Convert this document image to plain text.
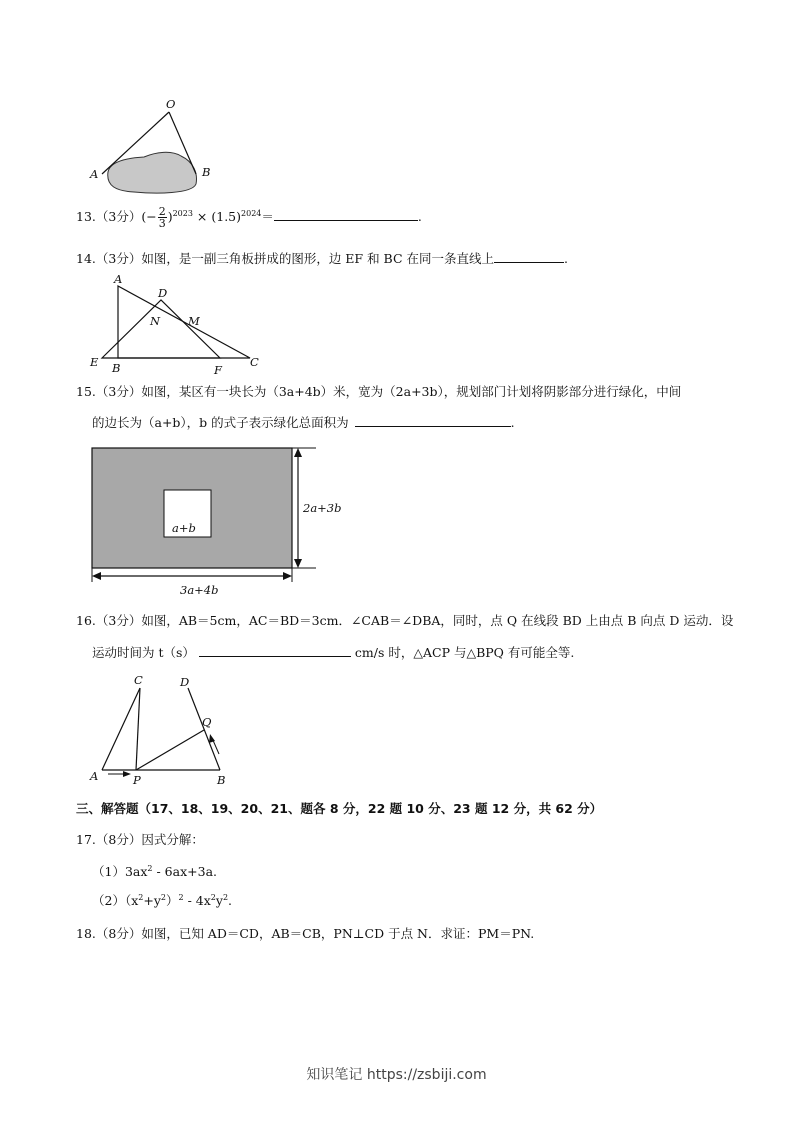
O
A	B
13.（3分）(− $\frac{2}{3} )^{2023} \times (1.5)^{2024}=$	.
14.（3分）如图，是一副三角板拼成的图形，边 EF 和 BC 在同一条直线上	.
A
D
N M
E B	F
C
15.（3分）如图，某区有一块长为（3a+4b）米，宽为（2a+3b），规划部门计划将阴影部分进行绿化，中间
的边长为（a+b），b 的式子表示绿化总面积为	.
a+b
2a+3b
3a+4b
16.（3分）如图，AB＝5cm，AC＝BD＝3cm．∠CAB＝∠DBA，同时，点 Q 在线段 BD 上由点 B 向点 D 运动．设
运动时间为 t（s）	cm/s 时，△ACP 与△BPQ 有可能全等.
C	D
Q
A	P	B
三、解答题（17、18、19、20、21、题各 8 分，22 题 10 分、23 题 12 分，共 62 分）
17.（8分）因式分解：
$(1)3ax^2 - 6ax+3a$.
$(2)(x^2+y^2)^2 - 4x^2y^2$.
18.（8分）如图，已知 AD＝CD，AB＝CB，PN⊥CD 于点 N．求证：PM＝PN.
知识笔记 https://zsbiji.com
